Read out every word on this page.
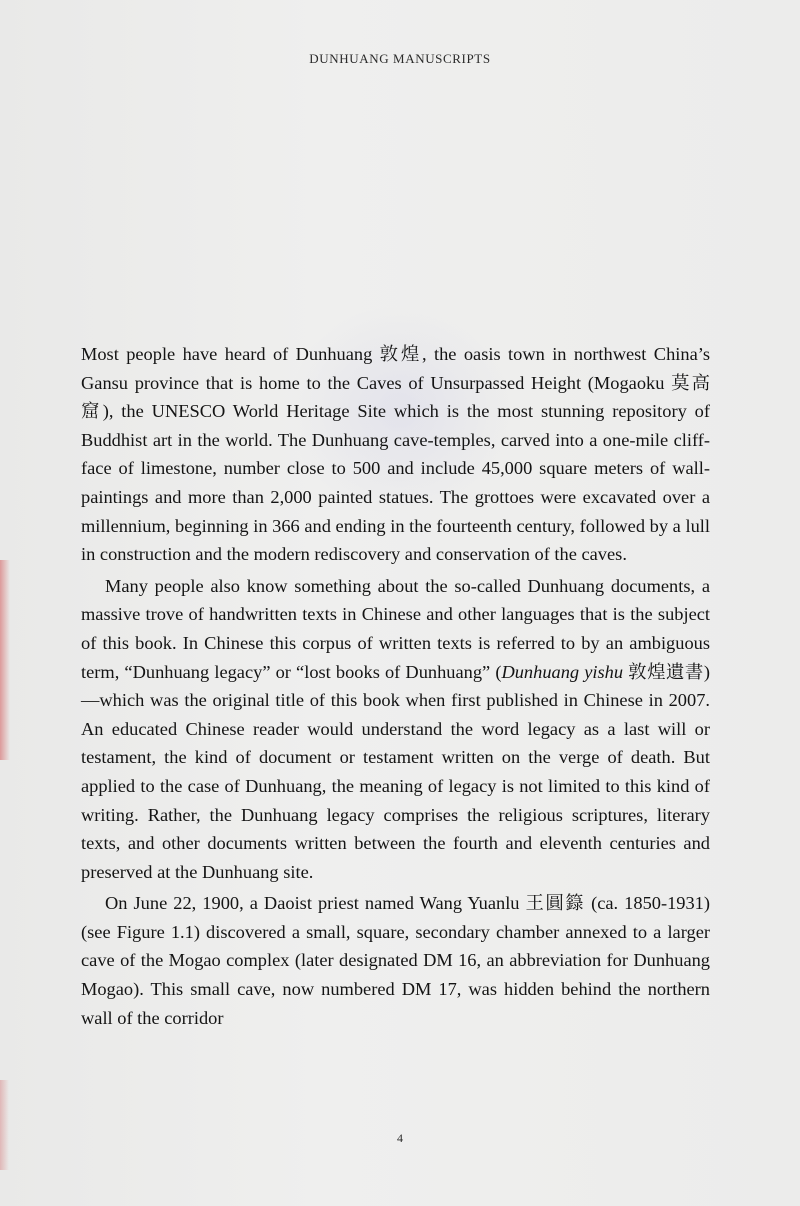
DUNHUANG MANUSCRIPTS

Most people have heard of Dunhuang 敦煌, the oasis town in northwest China’s Gansu province that is home to the Caves of Unsurpassed Height (Mogaoku 莫高窟), the UNESCO World Heritage Site which is the most stunning repository of Buddhist art in the world. The Dunhuang cave-temples, carved into a one-mile cliff-face of limestone, number close to 500 and include 45,000 square meters of wall-paintings and more than 2,000 painted statues. The grottoes were excavated over a millennium, beginning in 366 and ending in the fourteenth century, followed by a lull in construction and the modern rediscovery and conservation of the caves.

Many people also know something about the so-called Dunhuang documents, a massive trove of handwritten texts in Chinese and other languages that is the subject of this book. In Chinese this corpus of written texts is referred to by an ambiguous term, “Dunhuang legacy” or “lost books of Dunhuang” (Dunhuang yishu 敦煌遺書)—which was the original title of this book when first published in Chinese in 2007. An educated Chinese reader would understand the word legacy as a last will or testament, the kind of document or testament written on the verge of death. But applied to the case of Dunhuang, the meaning of legacy is not limited to this kind of writing. Rather, the Dunhuang legacy comprises the religious scriptures, literary texts, and other documents written between the fourth and eleventh centuries and preserved at the Dunhuang site.

On June 22, 1900, a Daoist priest named Wang Yuanlu 王圓籙 (ca. 1850-1931) (see Figure 1.1) discovered a small, square, secondary chamber annexed to a larger cave of the Mogao complex (later designated DM 16, an abbreviation for Dunhuang Mogao). This small cave, now numbered DM 17, was hidden behind the northern wall of the corridor

4
